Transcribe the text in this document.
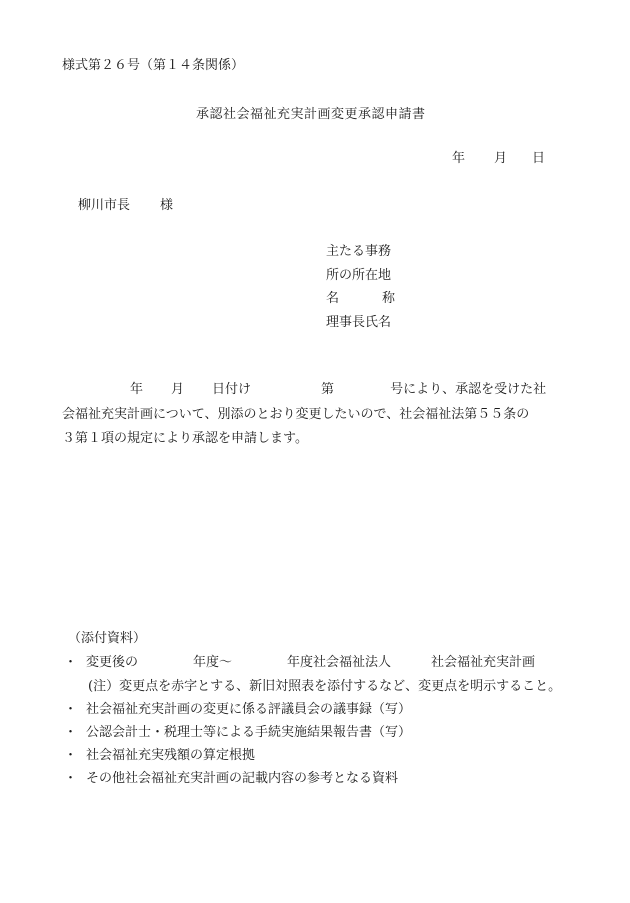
様式第２６号（第１４条関係）
承認社会福祉充実計画変更承認申請書
年 月 日
柳川市長 様
主たる事務
所の所在地
名	称
理事長氏名
年 月 日付け	第	号により、承認を受けた社
会福祉充実計画について、別添のとおり変更したいので、社会福祉法第５５条の
３第１項の規定により承認を申請します。
（添付資料）
・ 変更後の	年度～	年度社会福祉法人	社会福祉充実計画
(注）変更点を赤字とする、新旧対照表を添付するなど、変更点を明示すること。
・ 社会福祉充実計画の変更に係る評議員会の議事録（写）
・ 公認会計士・税理士等による手続実施結果報告書（写）
・ 社会福祉充実残額の算定根拠
・ その他社会福祉充実計画の記載内容の参考となる資料
